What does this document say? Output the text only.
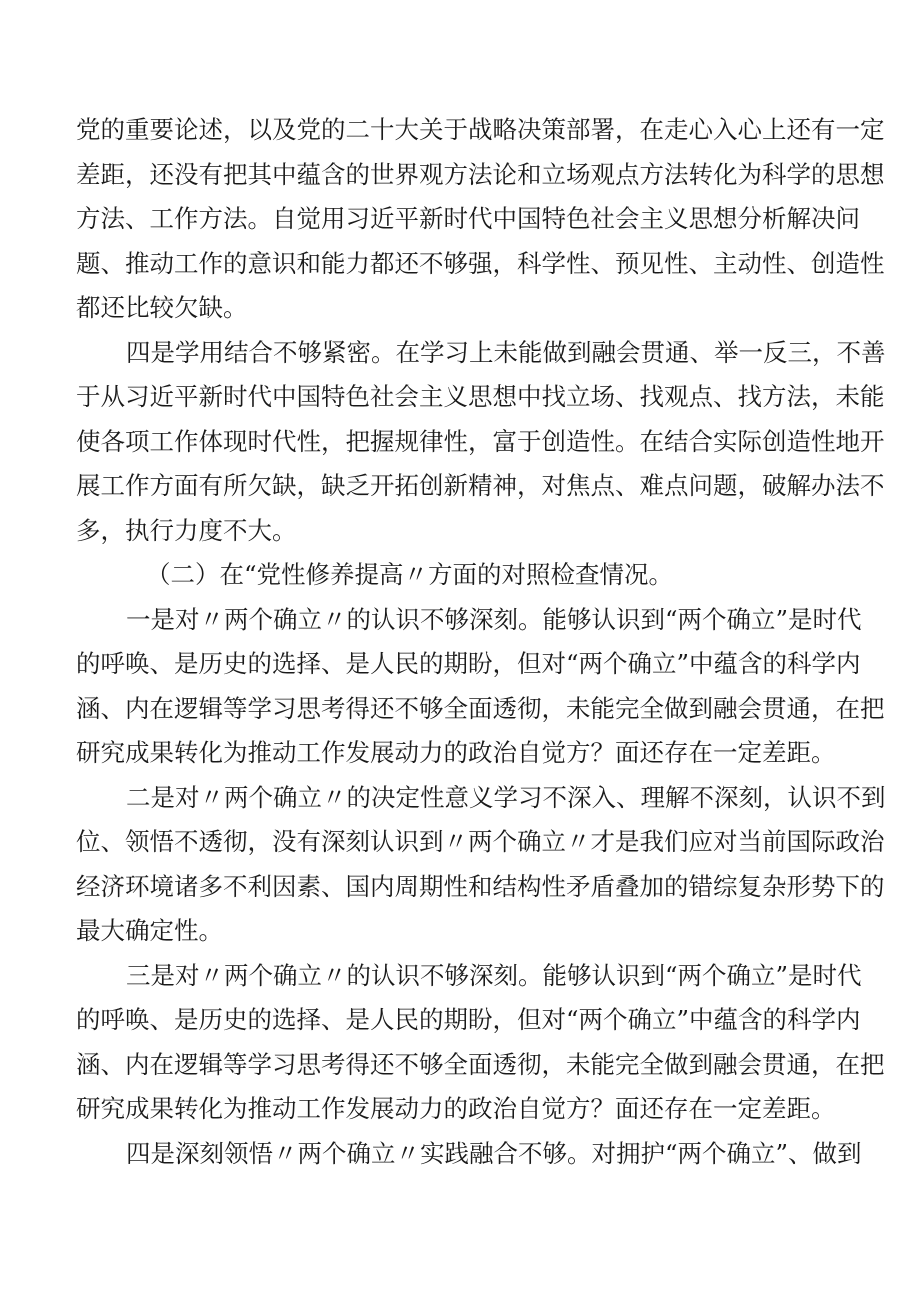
党的重要论述，以及党的二十大关于战略决策部署，在走心入心上还有一定
差距，还没有把其中蕴含的世界观方法论和立场观点方法转化为科学的思想
方法、工作方法。自觉用习近平新时代中国特色社会主义思想分析解决问
题、推动工作的意识和能力都还不够强，科学性、预见性、主动性、创造性
都还比较欠缺。
四是学用结合不够紧密。在学习上未能做到融会贯通、举一反三，不善
于从习近平新时代中国特色社会主义思想中找立场、找观点、找方法，未能
使各项工作体现时代性，把握规律性，富于创造性。在结合实际创造性地开
展工作方面有所欠缺，缺乏开拓创新精神，对焦点、难点问题，破解办法不
多，执行力度不大。
（二）在“党性修养提高〃方面的对照检查情况。
一是对〃两个确立〃的认识不够深刻。能够认识到“两个确立”是时代
的呼唤、是历史的选择、是人民的期盼，但对“两个确立”中蕴含的科学内
涵、内在逻辑等学习思考得还不够全面透彻，未能完全做到融会贯通，在把
研究成果转化为推动工作发展动力的政治自觉方？面还存在一定差距。
二是对〃两个确立〃的决定性意义学习不深入、理解不深刻，认识不到
位、领悟不透彻，没有深刻认识到〃两个确立〃才是我们应对当前国际政治
经济环境诸多不利因素、国内周期性和结构性矛盾叠加的错综复杂形势下的
最大确定性。
三是对〃两个确立〃的认识不够深刻。能够认识到“两个确立”是时代
的呼唤、是历史的选择、是人民的期盼，但对“两个确立”中蕴含的科学内
涵、内在逻辑等学习思考得还不够全面透彻，未能完全做到融会贯通，在把
研究成果转化为推动工作发展动力的政治自觉方？面还存在一定差距。
四是深刻领悟〃两个确立〃实践融合不够。对拥护“两个确立”、做到
